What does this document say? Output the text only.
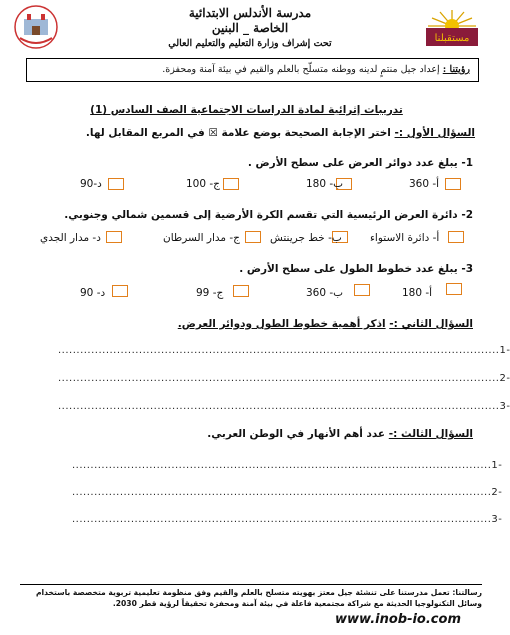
ﻣﺴﺘﻘﺒﻠﻨﺎ
مدرسة الأندلس الابتدائية
الخاصة _ البنين
تحت إشراف وزارة التعليم والتعليم العالي
رؤيتنا : إعداد جيل منتمٍ لدينه ووطنه متسلّح بالعلم والقيم في بيئة آمنة ومحفزة.
تدريبات إثرائية لمادة الدراسات الاجتماعية الصف السادس (1)
السؤال الأول :- اختر الإجابة الصحيحة بوضع علامة ☒ في المربع المقابل لها.
1- يبلغ عدد دوائر العرض على سطح الأرض .
أ- 360
ب- 180
ج- 100
د-90
2- دائرة العرض الرئيسية التي تقسم الكرة الأرضية إلى قسمين شمالي وجنوبي.
أ- دائرة الاستواء
ب- خط جرينتش
ج- مدار السرطان
د- مدار الجدي
3- يبلغ عدد خطوط الطول على سطح الأرض .
أ- 180
ب- 360
ج- 99
د- 90
السؤال الثاني :- اذكر أهمية خطوط الطول ودوائر العرض.
........................................................................................................................1-
........................................................................................................................2-
........................................................................................................................3-
السؤال الثالث :- عدد أهم الأنهار في الوطن العربي.
..................................................................................................................1-
..................................................................................................................2-
..................................................................................................................3-
رسالتنا: تعمل مدرستنا على تنشئة جيل معتز بهويته متسلح بالعلم والقيم وفق منظومة تعليمية تربوية متخصصة باستخدام وسائل التكنولوجيا الحديثة مع شراكة مجتمعية فاعلة في بيئة آمنة ومحفزة تحقيقاً لرؤية قطر 2030.
www.inob-io.com
